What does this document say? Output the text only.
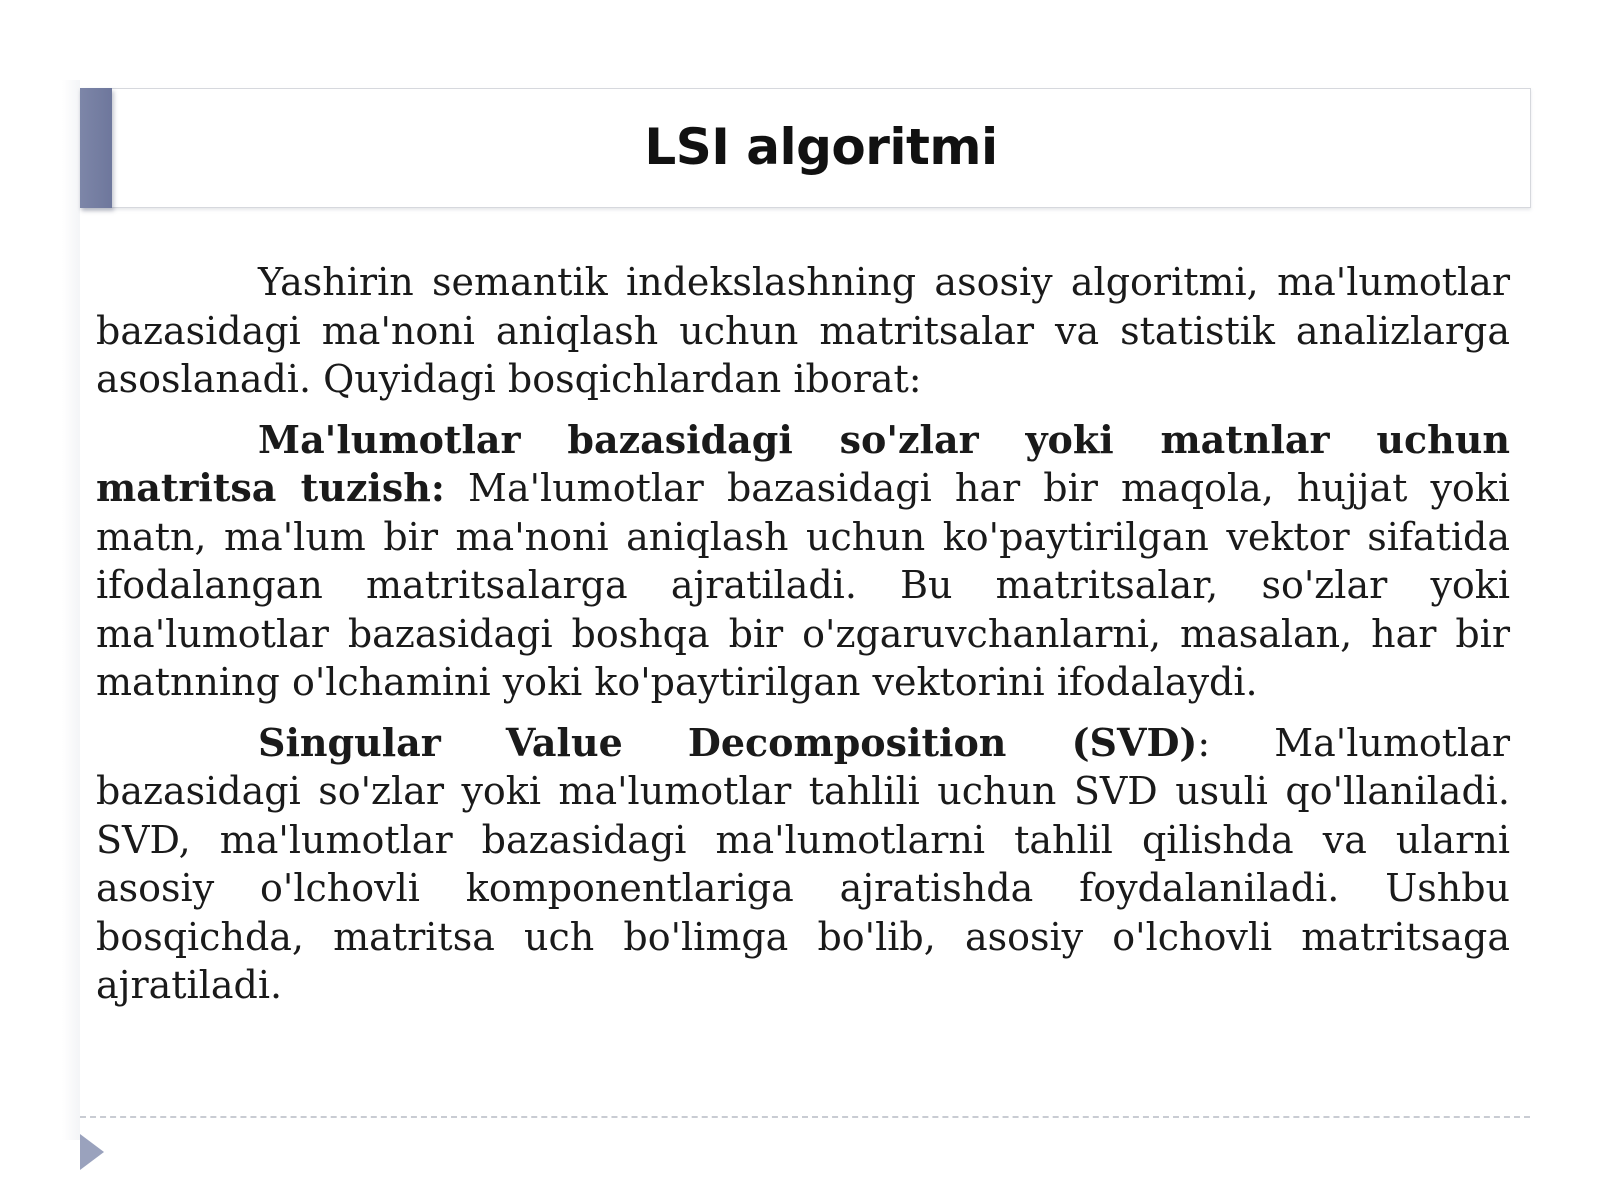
LSI algoritmi

Yashirin semantik indekslashning asosiy algoritmi, ma'lumotlar bazasidagi ma'noni aniqlash uchun matritsalar va statistik analizlarga asoslanadi. Quyidagi bosqichlardan iborat:

Ma'lumotlar bazasidagi so'zlar yoki matnlar uchun matritsa tuzish: Ma'lumotlar bazasidagi har bir maqola, hujjat yoki matn, ma'lum bir ma'noni aniqlash uchun ko'paytirilgan vektor sifatida ifodalangan matritsalarga ajratiladi. Bu matritsalar, so'zlar yoki ma'lumotlar bazasidagi boshqa bir o'zgaruvchanlarni, masalan, har bir matnning o'lchamini yoki ko'paytirilgan vektorini ifodalaydi.

Singular Value Decomposition (SVD): Ma'lumotlar bazasidagi so'zlar yoki ma'lumotlar tahlili uchun SVD usuli qo'llaniladi. SVD, ma'lumotlar bazasidagi ma'lumotlarni tahlil qilishda va ularni asosiy o'lchovli komponentlariga ajratishda foydalaniladi. Ushbu bosqichda, matritsa uch bo'limga bo'lib, asosiy o'lchovli matritsaga ajratiladi.
